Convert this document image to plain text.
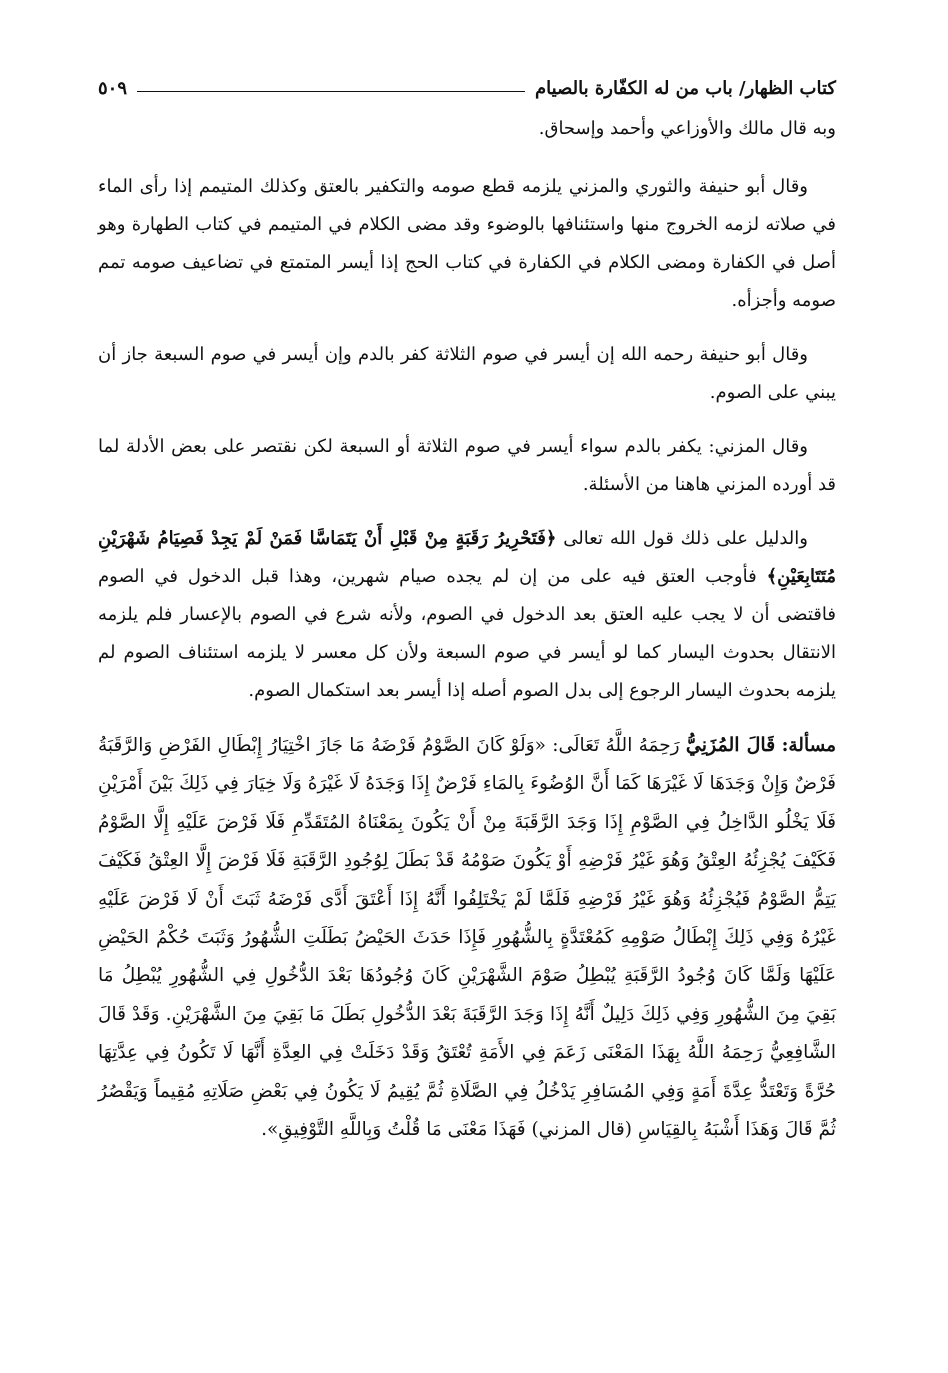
كتاب الظهار/ باب من له الكفّارة بالصيام
٥٠٩

وبه قال مالك والأوزاعي وأحمد وإسحاق.

وقال أبو حنيفة والثوري والمزني يلزمه قطع صومه والتكفير بالعتق وكذلك المتيمم إذا رأى الماء في صلاته لزمه الخروج منها واستئنافها بالوضوء وقد مضى الكلام في المتيمم في كتاب الطهارة وهو أصل في الكفارة ومضى الكلام في الكفارة في كتاب الحج إذا أيسر المتمتع في تضاعيف صومه تمم صومه وأجزأه.

وقال أبو حنيفة رحمه الله إن أيسر في صوم الثلاثة كفر بالدم وإن أيسر في صوم السبعة جاز أن يبني على الصوم.

وقال المزني: يكفر بالدم سواء أيسر في صوم الثلاثة أو السبعة لكن نقتصر على بعض الأدلة لما قد أورده المزني هاهنا من الأسئلة.

والدليل على ذلك قول الله تعالى ﴿فَتَحْرِيرُ رَقَبَةٍ مِنْ قَبْلِ أَنْ يَتَمَاسَّا فَمَنْ لَمْ يَجِدْ فَصِيَامُ شَهْرَيْنِ مُتَتَابِعَيْنِ﴾ فأوجب العتق فيه على من إن لم يجده صيام شهرين، وهذا قبل الدخول في الصوم فاقتضى أن لا يجب عليه العتق بعد الدخول في الصوم، ولأنه شرع في الصوم بالإعسار فلم يلزمه الانتقال بحدوث اليسار كما لو أيسر في صوم السبعة ولأن كل معسر لا يلزمه استئناف الصوم لم يلزمه بحدوث اليسار الرجوع إلى بدل الصوم أصله إذا أيسر بعد استكمال الصوم.

مسألة: قَالَ المُزَنِيُّ رَحِمَهُ اللَّهُ تَعَالَى: «وَلَوْ كَانَ الصَّوْمُ فَرْضَهُ مَا جَازَ اخْتِيَارُ إِبْطَالِ الفَرْضِ وَالرَّقَبَةُ فَرْضٌ وَإِنْ وَجَدَهَا لَا غَيْرَهَا كَمَا أَنَّ الوُضُوءَ بِالمَاءِ فَرْضٌ إِذَا وَجَدَهُ لَا غَيْرَهُ وَلَا خِيَارَ فِي ذَلِكَ بَيْنَ أَمْرَيْنِ فَلَا يَخْلُو الدَّاخِلُ فِي الصَّوْمِ إِذَا وَجَدَ الرَّقَبَةَ مِنْ أَنْ يَكُونَ بِمَعْنَاهُ المُتَقَدِّمِ فَلَا فَرْضَ عَلَيْهِ إِلَّا الصَّوْمُ فَكَيْفَ يُجْزِئُهُ العِتْقُ وَهُوَ غَيْرُ فَرْضِهِ أَوْ يَكُونَ صَوْمُهُ قَدْ بَطَلَ لِوُجُودِ الرَّقَبَةِ فَلَا فَرْضَ إِلَّا العِتْقُ فَكَيْفَ يَتِمُّ الصَّوْمُ فَيُجْزِئُهُ وَهُوَ غَيْرُ فَرْضِهِ فَلَمَّا لَمْ يَخْتَلِفُوا أَنَّهُ إِذَا أَعْتَقَ أَدَّى فَرْضَهُ ثَبَتَ أَنْ لَا فَرْضَ عَلَيْهِ غَيْرُهُ وَفِي ذَلِكَ إِبْطَالُ صَوْمِهِ كَمُعْتَدَّةٍ بِالشُّهُورِ فَإِذَا حَدَثَ الحَيْضُ بَطَلَتِ الشُّهُورُ وَثَبَتَ حُكْمُ الحَيْضِ عَلَيْهَا وَلَمَّا كَانَ وُجُودُ الرَّقَبَةِ يُبْطِلُ صَوْمَ الشَّهْرَيْنِ كَانَ وُجُودُهَا بَعْدَ الدُّخُولِ فِي الشُّهُورِ يُبْطِلُ مَا بَقِيَ مِنَ الشُّهُورِ وَفِي ذَلِكَ دَلِيلٌ أَنَّهُ إِذَا وَجَدَ الرَّقَبَةَ بَعْدَ الدُّخُولِ بَطَلَ مَا بَقِيَ مِنَ الشَّهْرَيْنِ. وَقَدْ قَالَ الشَّافِعِيُّ رَحِمَهُ اللَّهُ بِهَذَا المَعْنَى زَعَمَ فِي الأَمَةِ تُعْتَقُ وَقَدْ دَخَلَتْ فِي العِدَّةِ أَنَّهَا لَا تَكُونُ فِي عِدَّتِهَا حُرَّةً وَتَعْتَدُّ عِدَّةَ أَمَةٍ وَفِي المُسَافِرِ يَدْخُلُ فِي الصَّلَاةِ ثُمَّ يُقِيمُ لَا يَكُونُ فِي بَعْضِ صَلَاتِهِ مُقِيماً وَيَقْصُرُ ثُمَّ قَالَ وَهَذَا أَشْبَهُ بِالقِيَاسِ (قال المزني) فَهَذَا مَعْنَى مَا قُلْتُ وَبِاللَّهِ التَّوْفِيقِ».
